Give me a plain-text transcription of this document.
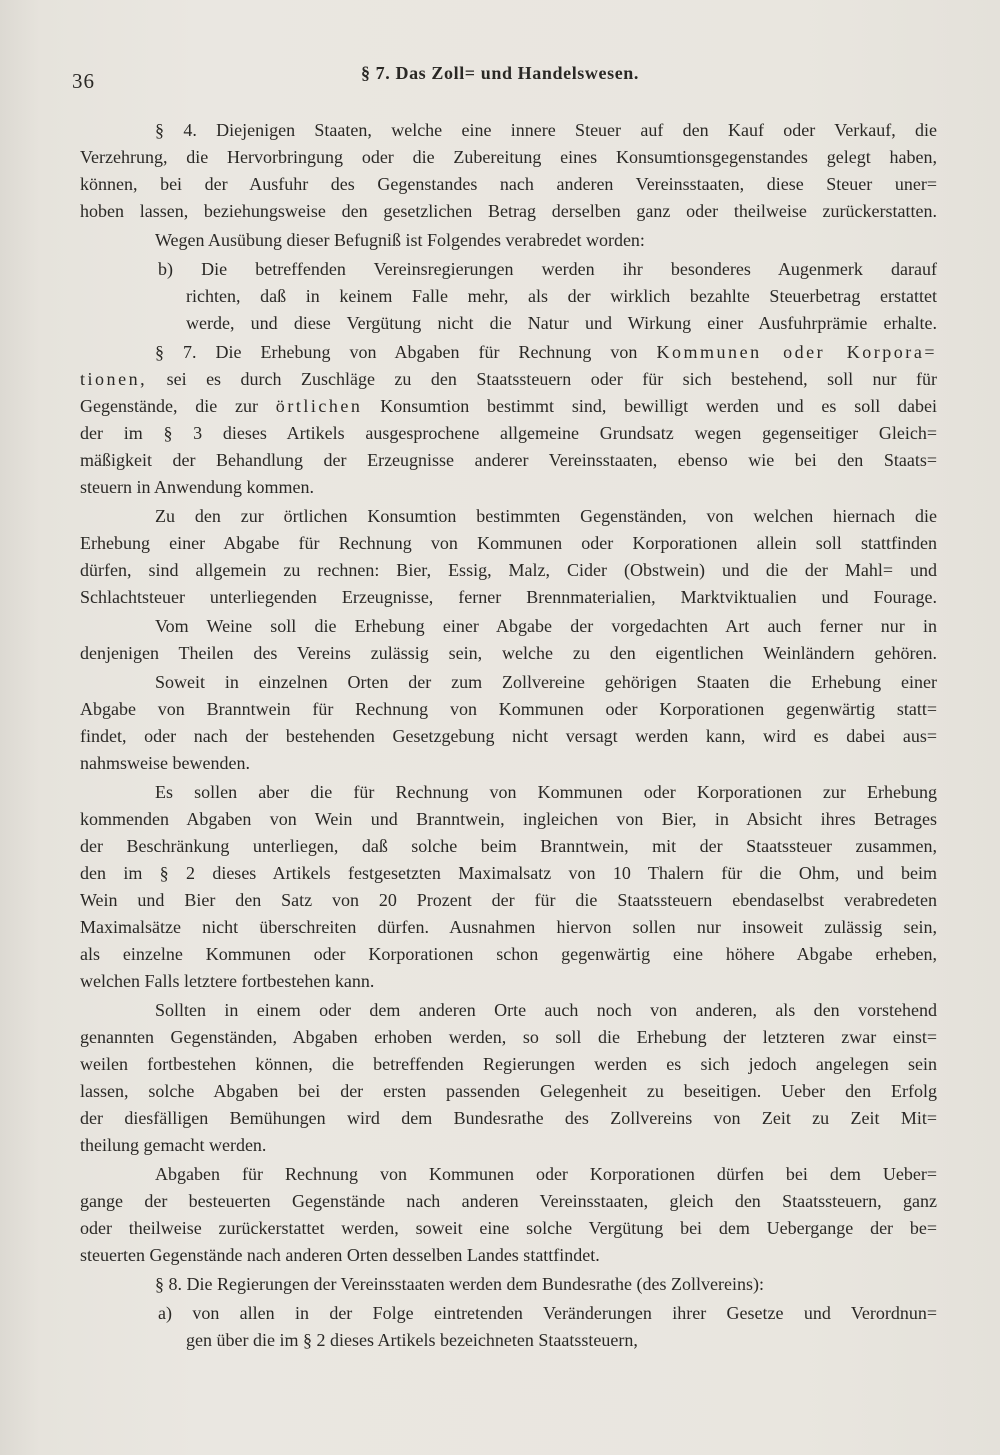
36	§ 7. Das Zoll= und Handelswesen.
§ 4. Diejenigen Staaten, welche eine innere Steuer auf den Kauf oder Verkauf, die
Verzehrung, die Hervorbringung oder die Zubereitung eines Konsumtionsgegenstandes gelegt haben,
können, bei der Ausfuhr des Gegenstandes nach anderen Vereinsstaaten, diese Steuer uner=
hoben lassen, beziehungsweise den gesetzlichen Betrag derselben ganz oder theilweise zurückerstatten.
Wegen Ausübung dieser Befugniß ist Folgendes verabredet worden:
b) Die betreffenden Vereinsregierungen werden ihr besonderes Augenmerk darauf
richten, daß in keinem Falle mehr, als der wirklich bezahlte Steuerbetrag erstattet
werde, und diese Vergütung nicht die Natur und Wirkung einer Ausfuhrprämie erhalte.
§ 7. Die Erhebung von Abgaben für Rechnung von Kommunen oder Korpora=
tionen, sei es durch Zuschläge zu den Staatssteuern oder für sich bestehend, soll nur für
Gegenstände, die zur örtlichen Konsumtion bestimmt sind, bewilligt werden und es soll dabei
der im § 3 dieses Artikels ausgesprochene allgemeine Grundsatz wegen gegenseitiger Gleich=
mäßigkeit der Behandlung der Erzeugnisse anderer Vereinsstaaten, ebenso wie bei den Staats=
steuern in Anwendung kommen.
Zu den zur örtlichen Konsumtion bestimmten Gegenständen, von welchen hiernach die
Erhebung einer Abgabe für Rechnung von Kommunen oder Korporationen allein soll stattfinden
dürfen, sind allgemein zu rechnen: Bier, Essig, Malz, Cider (Obstwein) und die der Mahl= und
Schlachtsteuer unterliegenden Erzeugnisse, ferner Brennmaterialien, Marktviktualien und Fourage.
Vom Weine soll die Erhebung einer Abgabe der vorgedachten Art auch ferner nur in
denjenigen Theilen des Vereins zulässig sein, welche zu den eigentlichen Weinländern gehören.
Soweit in einzelnen Orten der zum Zollvereine gehörigen Staaten die Erhebung einer
Abgabe von Branntwein für Rechnung von Kommunen oder Korporationen gegenwärtig statt=
findet, oder nach der bestehenden Gesetzgebung nicht versagt werden kann, wird es dabei aus=
nahmsweise bewenden.
Es sollen aber die für Rechnung von Kommunen oder Korporationen zur Erhebung
kommenden Abgaben von Wein und Branntwein, ingleichen von Bier, in Absicht ihres Betrages
der Beschränkung unterliegen, daß solche beim Branntwein, mit der Staatssteuer zusammen,
den im § 2 dieses Artikels festgesetzten Maximalsatz von 10 Thalern für die Ohm, und beim
Wein und Bier den Satz von 20 Prozent der für die Staatssteuern ebendaselbst verabredeten
Maximalsätze nicht überschreiten dürfen. Ausnahmen hiervon sollen nur insoweit zulässig sein,
als einzelne Kommunen oder Korporationen schon gegenwärtig eine höhere Abgabe erheben,
welchen Falls letztere fortbestehen kann.
Sollten in einem oder dem anderen Orte auch noch von anderen, als den vorstehend
genannten Gegenständen, Abgaben erhoben werden, so soll die Erhebung der letzteren zwar einst=
weilen fortbestehen können, die betreffenden Regierungen werden es sich jedoch angelegen sein
lassen, solche Abgaben bei der ersten passenden Gelegenheit zu beseitigen. Ueber den Erfolg
der diesfälligen Bemühungen wird dem Bundesrathe des Zollvereins von Zeit zu Zeit Mit=
theilung gemacht werden.
Abgaben für Rechnung von Kommunen oder Korporationen dürfen bei dem Ueber=
gange der besteuerten Gegenstände nach anderen Vereinsstaaten, gleich den Staatssteuern, ganz
oder theilweise zurückerstattet werden, soweit eine solche Vergütung bei dem Uebergange der be=
steuerten Gegenstände nach anderen Orten desselben Landes stattfindet.
§ 8. Die Regierungen der Vereinsstaaten werden dem Bundesrathe (des Zollvereins):
a) von allen in der Folge eintretenden Veränderungen ihrer Gesetze und Verordnun=
gen über die im § 2 dieses Artikels bezeichneten Staatssteuern,
